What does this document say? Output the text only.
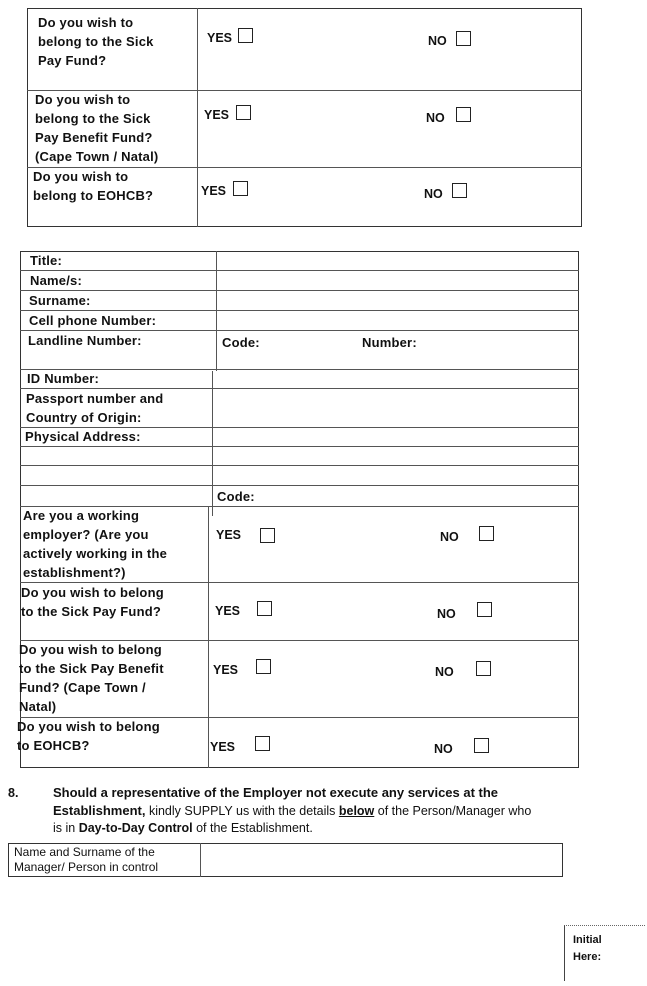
Do you wish to
belong to the Sick
Pay Fund?
YES	NO
Do you wish to
belong to the Sick
Pay Benefit Fund?
(Cape Town / Natal)
YES	NO
Do you wish to
belong to EOHCB?	YES	NO
Title:
Name/s:
Surname:
Cell phone Number:
Landline Number:	Code:	Number:
ID Number:
Passport number and
Country of Origin:
Physical Address:
Code:
Are you a working
employer? (Are you
actively working in the
establishment?)
YES	NO
Do you wish to belong
to the Sick Pay Fund?	YES	NO
Do you wish to belong
to the Sick Pay Benefit
Fund? (Cape Town /
Natal)
YES	NO
Do you wish to belong
to EOHCB?	YES	NO
8.	Should a representative of the Employer not execute any services at the
Establishment, kindly SUPPLY us with the details below of the Person/Manager who
is in Day-to-Day Control of the Establishment.
Name and Surname of the
Manager/ Person in control
Initial
Here:
